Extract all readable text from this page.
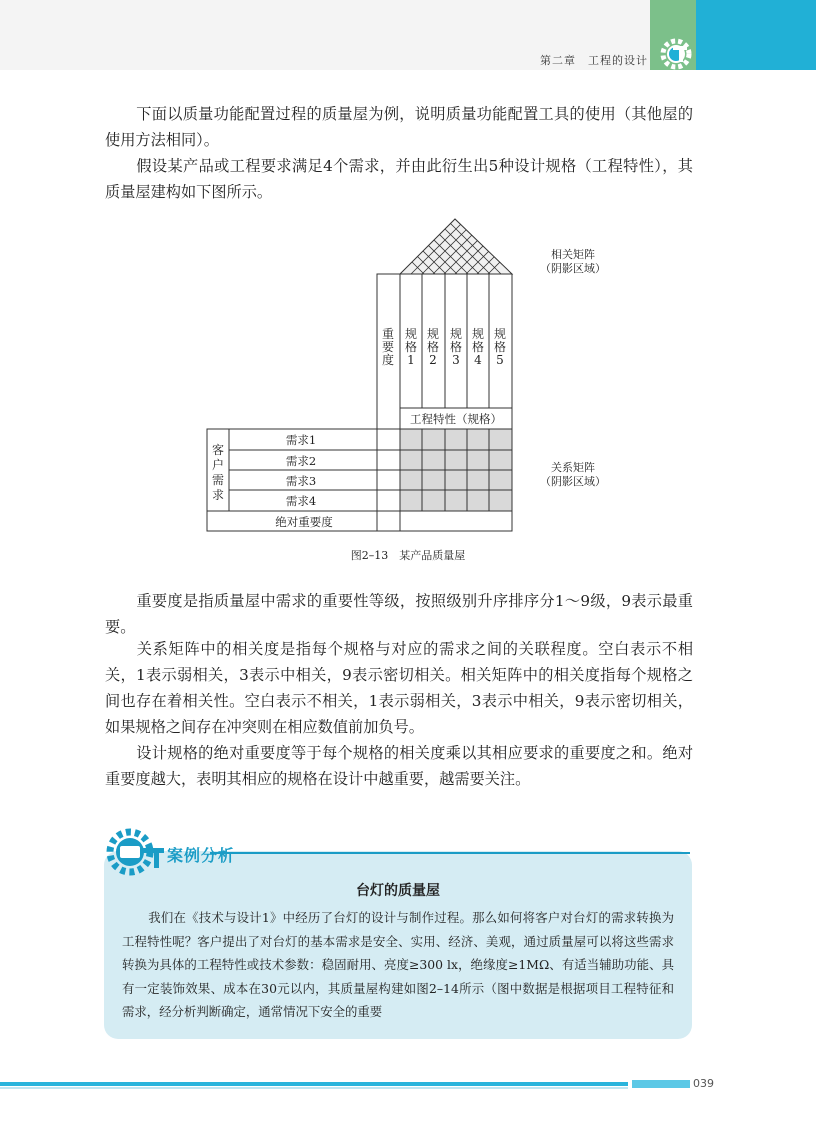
第二章　工程的设计

下面以质量功能配置过程的质量屋为例，说明质量功能配置工具的使用（其他屋的使用方法相同）。

假设某产品或工程要求满足4个需求，并由此衍生出5种设计规格（工程特性），其质量屋建构如下图所示。

重
要
度
规
格
1
规
格
2
规
格
3
规
格
4
规
格
5
工程特性（规格）
客
户
需
求
需求1
需求2
需求3
需求4
绝对重要度
相关矩阵
（阴影区域）
关系矩阵
（阴影区域）
图2–13　某产品质量屋

重要度是指质量屋中需求的重要性等级，按照级别升序排序分1～9级，9表示最重要。

关系矩阵中的相关度是指每个规格与对应的需求之间的关联程度。空白表示不相关，1表示弱相关，3表示中相关，9表示密切相关。相关矩阵中的相关度指每个规格之间也存在着相关性。空白表示不相关，1表示弱相关，3表示中相关，9表示密切相关，如果规格之间存在冲突则在相应数值前加负号。

设计规格的绝对重要度等于每个规格的相关度乘以其相应要求的重要度之和。绝对重要度越大，表明其相应的规格在设计中越重要，越需要关注。

案例分析
台灯的质量屋

我们在《技术与设计1》中经历了台灯的设计与制作过程。那么如何将客户对台灯的需求转换为工程特性呢？客户提出了对台灯的基本需求是安全、实用、经济、美观，通过质量屋可以将这些需求转换为具体的工程特性或技术参数：稳固耐用、亮度≥300 lx，绝缘度≥1MΩ、有适当辅助功能、具有一定装饰效果、成本在30元以内，其质量屋构建如图2–14所示（图中数据是根据项目工程特征和需求，经分析判断确定，通常情况下安全的重要

039
